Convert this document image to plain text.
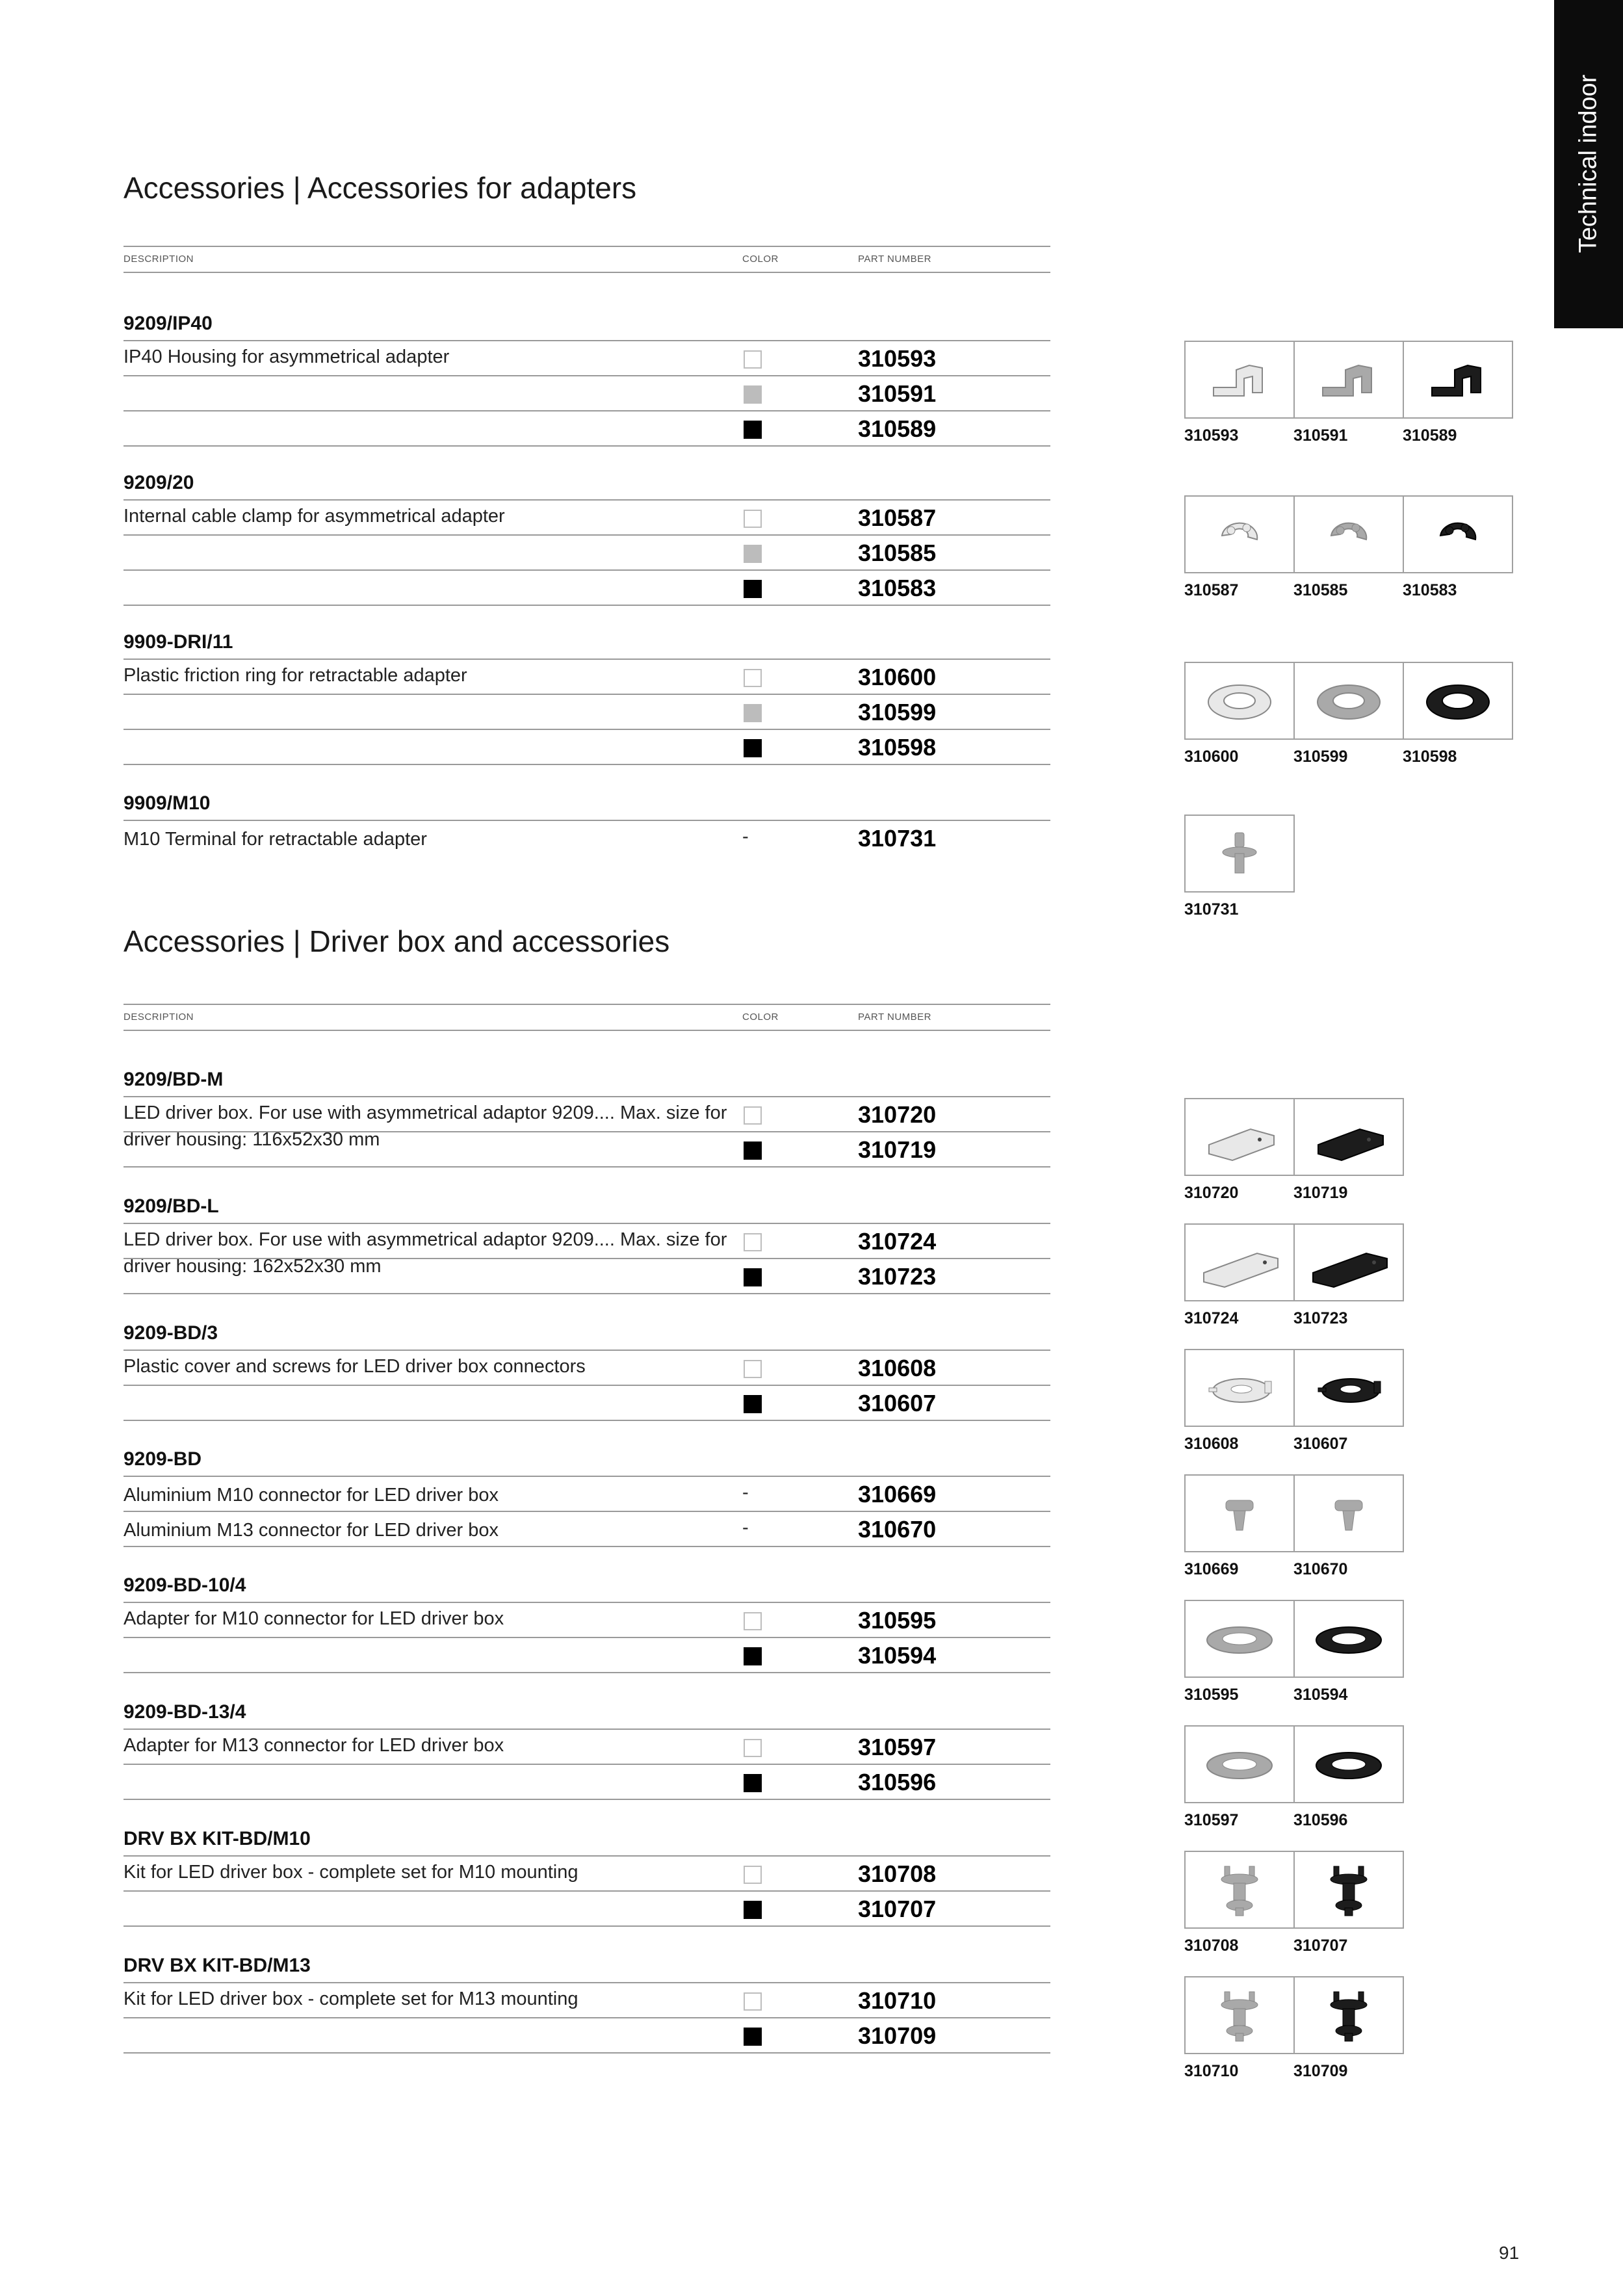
Technical indoor
Accessories | Accessories for adapters
DESCRIPTION	COLOR	PART NUMBER
9209/IP40
IP40 Housing for asymmetrical adapter	310593
310591
310589
9209/20
Internal cable clamp for asymmetrical adapter	310587
310585
310583
9909-DRI/11
Plastic friction ring for retractable adapter	310600
310599
310598
9909/M10
M10 Terminal for retractable adapter	-	310731
Accessories | Driver box and accessories
DESCRIPTION	COLOR	PART NUMBER
9209/BD-M
LED driver box. For use with asymmetrical adaptor 9209.... Max. size for driver housing: 116x52x30 mm
310720
310719
9209/BD-L
LED driver box. For use with asymmetrical adaptor 9209.... Max. size for driver housing: 162x52x30 mm
310724
310723
9209-BD/3
Plastic cover and screws for LED driver box connectors	310608
310607
9209-BD
Aluminium M10 connector for LED driver box	-	310669
Aluminium M13 connector for LED driver box	-	310670
9209-BD-10/4
Adapter for M10 connector for LED driver box	310595
310594
9209-BD-13/4
Adapter for M13 connector for LED driver box	310597
310596
DRV BX KIT-BD/M10
Kit for LED driver box - complete set for M10 mounting	310708
310707
DRV BX KIT-BD/M13
Kit for LED driver box - complete set for M13 mounting	310710
310709
310593	310591	310589
310587	310585	310583
310600	310599	310598
310731
310720	310719
310724	310723
310608	310607
310669	310670
310595	310594
310597	310596
310708	310707
310710	310709
91
